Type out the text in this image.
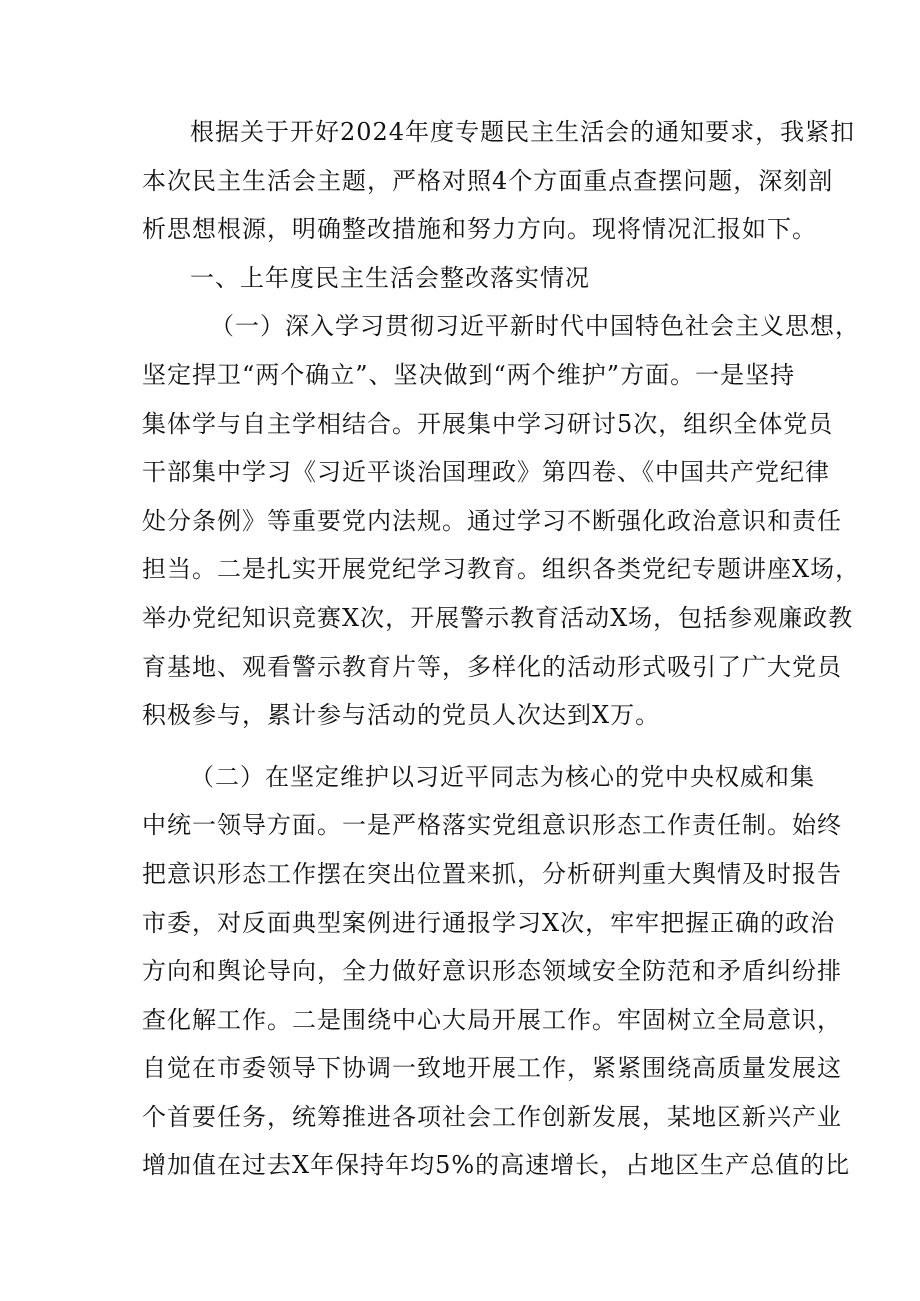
根据关于开好2024年度专题民主生活会的通知要求，我紧扣
本次民主生活会主题，严格对照4个方面重点查摆问题，深刻剖
析思想根源，明确整改措施和努力方向。现将情况汇报如下。
一、上年度民主生活会整改落实情况
（一）深入学习贯彻习近平新时代中国特色社会主义思想，
坚定捍卫“两个确立”、坚决做到“两个维护”方面。一是坚持
集体学与自主学相结合。开展集中学习研讨5次，组织全体党员
干部集中学习《习近平谈治国理政》第四卷、《中国共产党纪律
处分条例》等重要党内法规。通过学习不断强化政治意识和责任
担当。二是扎实开展党纪学习教育。组织各类党纪专题讲座X场，
举办党纪知识竞赛X次，开展警示教育活动X场，包括参观廉政教
育基地、观看警示教育片等，多样化的活动形式吸引了广大党员
积极参与，累计参与活动的党员人次达到X万。
（二）在坚定维护以习近平同志为核心的党中央权威和集
中统一领导方面。一是严格落实党组意识形态工作责任制。始终
把意识形态工作摆在突出位置来抓，分析研判重大舆情及时报告
市委，对反面典型案例进行通报学习X次，牢牢把握正确的政治
方向和舆论导向，全力做好意识形态领域安全防范和矛盾纠纷排
查化解工作。二是围绕中心大局开展工作。牢固树立全局意识，
自觉在市委领导下协调一致地开展工作，紧紧围绕高质量发展这
个首要任务，统筹推进各项社会工作创新发展，某地区新兴产业
增加值在过去X年保持年均5%的高速增长，占地区生产总值的比
